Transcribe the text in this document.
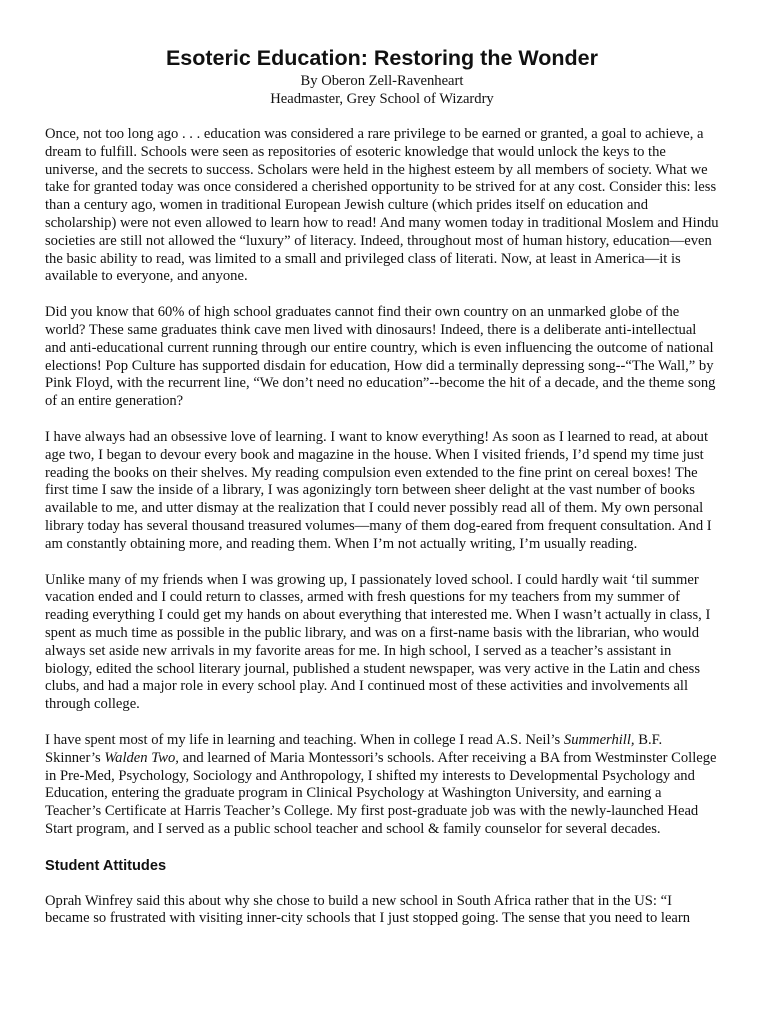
Esoteric Education: Restoring the Wonder

By Oberon Zell-Ravenheart

Headmaster, Grey School of Wizardry

Once, not too long ago . . . education was considered a rare privilege to be earned or granted, a goal to achieve, a dream to fulfill. Schools were seen as repositories of esoteric knowledge that would unlock the keys to the universe, and the secrets to success. Scholars were held in the highest esteem by all members of society. What we take for granted today was once considered a cherished opportunity to be strived for at any cost. Consider this: less than a century ago, women in traditional European Jewish culture (which prides itself on education and scholarship) were not even allowed to learn how to read! And many women today in traditional Moslem and Hindu societies are still not allowed the “luxury” of literacy. Indeed, throughout most of human history, education—even the basic ability to read, was limited to a small and privileged class of literati. Now, at least in America—it is available to everyone, and anyone.

Did you know that 60% of high school graduates cannot find their own country on an unmarked globe of the world? These same graduates think cave men lived with dinosaurs! Indeed, there is a deliberate anti-intellectual and anti-educational current running through our entire country, which is even influencing the outcome of national elections! Pop Culture has supported disdain for education, How did a terminally depressing song--“The Wall,” by Pink Floyd, with the recurrent line, “We don’t need no education”--become the hit of a decade, and the theme song of an entire generation?

I have always had an obsessive love of learning. I want to know everything! As soon as I learned to read, at about age two, I began to devour every book and magazine in the house. When I visited friends, I’d spend my time just reading the books on their shelves. My reading compulsion even extended to the fine print on cereal boxes! The first time I saw the inside of a library, I was agonizingly torn between sheer delight at the vast number of books available to me, and utter dismay at the realization that I could never possibly read all of them. My own personal library today has several thousand treasured volumes—many of them dog-eared from frequent consultation. And I am constantly obtaining more, and reading them. When I’m not actually writing, I’m usually reading.

Unlike many of my friends when I was growing up, I passionately loved school. I could hardly wait ‘til summer vacation ended and I could return to classes, armed with fresh questions for my teachers from my summer of reading everything I could get my hands on about everything that interested me. When I wasn’t actually in class, I spent as much time as possible in the public library, and was on a first-name basis with the librarian, who would always set aside new arrivals in my favorite areas for me. In high school, I served as a teacher’s assistant in biology, edited the school literary journal, published a student newspaper, was very active in the Latin and chess clubs, and had a major role in every school play. And I continued most of these activities and involvements all through college.

I have spent most of my life in learning and teaching. When in college I read A.S. Neil’s Summerhill, B.F. Skinner’s Walden Two, and learned of Maria Montessori’s schools. After receiving a BA from Westminster College in Pre-Med, Psychology, Sociology and Anthropology, I shifted my interests to Developmental Psychology and Education, entering the graduate program in Clinical Psychology at Washington University, and earning a Teacher’s Certificate at Harris Teacher’s College. My first post-graduate job was with the newly-launched Head Start program, and I served as a public school teacher and school & family counselor for several decades.

Student Attitudes

Oprah Winfrey said this about why she chose to build a new school in South Africa rather that in the US: “I became so frustrated with visiting inner-city schools that I just stopped going. The sense that you need to learn
